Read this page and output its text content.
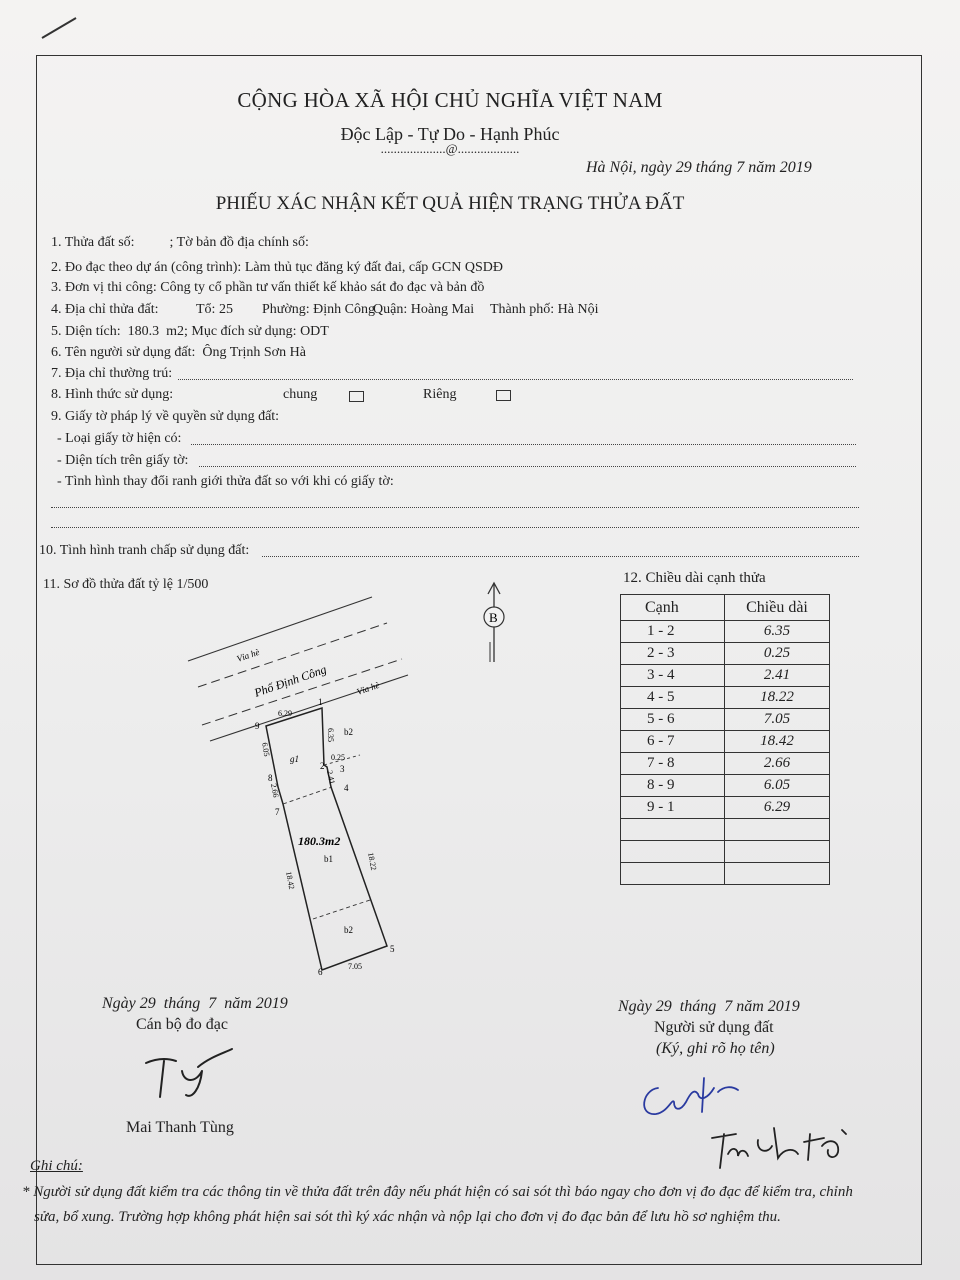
CỘNG HÒA XÃ HỘI CHỦ NGHĨA VIỆT NAM
Độc Lập - Tự Do - Hạnh Phúc
....................@...................
Hà Nội, ngày 29 tháng 7 năm 2019
PHIẾU XÁC NHẬN KẾT QUẢ HIỆN TRẠNG THỬA ĐẤT
1. Thửa đất số:          ; Tờ bản đồ địa chính số:
2. Đo đạc theo dự án (công trình): Làm thủ tục đăng ký đất đai, cấp GCN QSDĐ
3. Đơn vị thi công: Công ty cổ phần tư vấn thiết kế khảo sát đo đạc và bản đồ
4. Địa chỉ thửa đất:	Tổ: 25 Phường: Định Công
Quận: Hoàng Mai Thành phố: Hà Nội
5. Diện tích:  180.3  m2; Mục đích sử dụng: ODT
6. Tên người sử dụng đất:  Ông Trịnh Sơn Hà
7. Địa chỉ thường trú:
8. Hình thức sử dụng:	chung	Riêng
9. Giấy tờ pháp lý về quyền sử dụng đất:
- Loại giấy tờ hiện có:
- Diện tích trên giấy tờ:
- Tình hình thay đổi ranh giới thửa đất so với khi có giấy tờ:
10. Tình hình tranh chấp sử dụng đất:
11. Sơ đồ thửa đất tỷ lệ 1/500
Vỉa hè
Phố Định Công	Vỉa hè
1
2 3
4
5
6
7
8
9
6.29
6.35
0.25
2.41
18.22
7.05
18.42
2.66
6.05
g1
b2
180.3m2
b1
b2
B
12. Chiều dài cạnh thửa
Cạnh	Chiều dài
1 - 2	6.35
2 - 3	0.25
3 - 4	2.41
4 - 5	18.22
5 - 6	7.05
6 - 7	18.42
7 - 8	2.66
8 - 9	6.05
9 - 1	6.29

Ngày 29  tháng  7  năm 2019
Cán bộ đo đạc
Mai Thanh Tùng
Ngày 29  tháng  7 năm 2019
Người sử dụng đất
(Ký, ghi rõ họ tên)
Ghi chú:
* Người sử dụng đất kiểm tra các thông tin về thửa đất trên đây nếu phát hiện có sai sót thì báo ngay cho đơn vị đo đạc để kiểm tra, chỉnh
sửa, bổ xung. Trường hợp không phát hiện sai sót thì ký xác nhận và nộp lại cho đơn vị đo đạc bản để lưu hồ sơ nghiệm thu.
